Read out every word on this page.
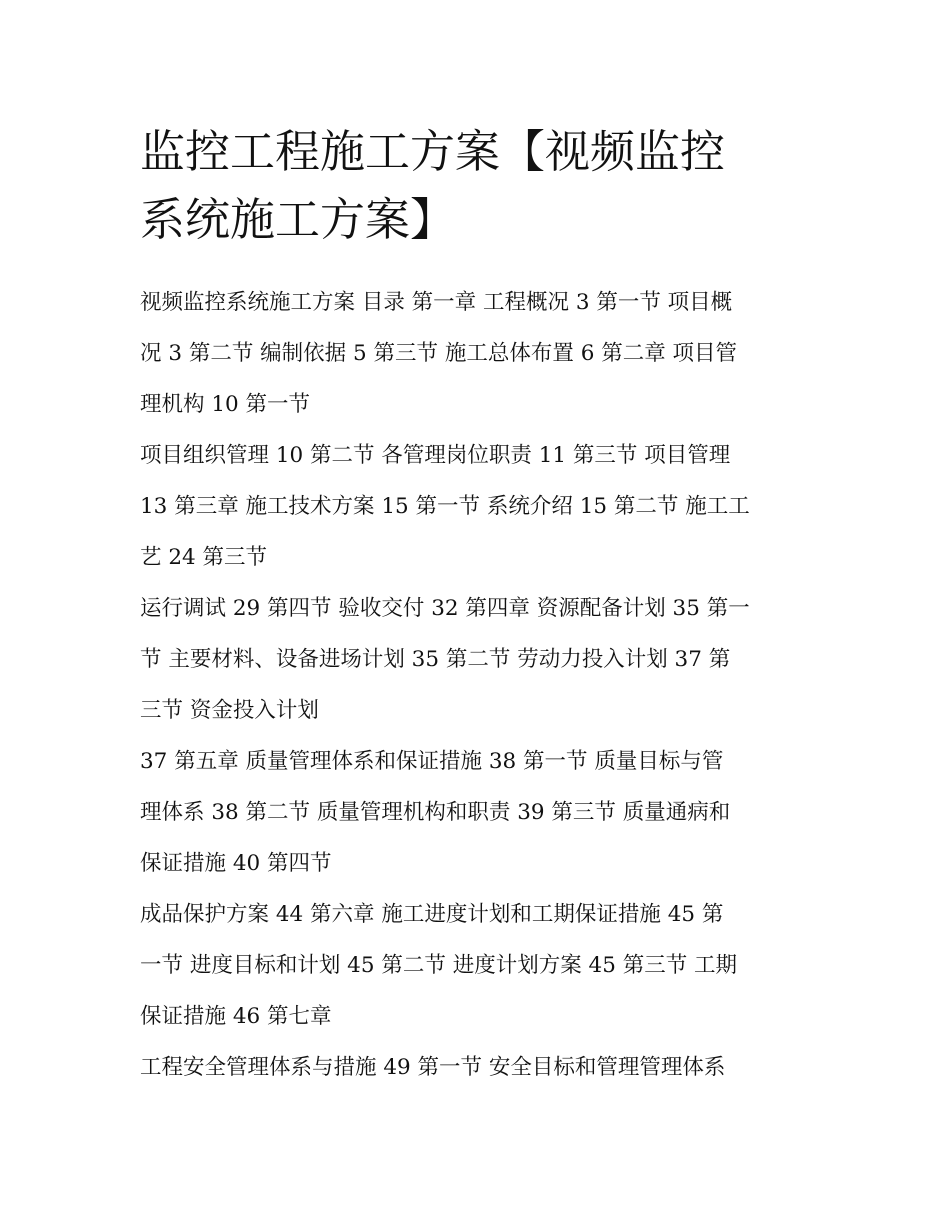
监控工程施工方案【视频监控
系统施工方案】
视频监控系统施工方案 目录 第一章 工程概况 3 第一节 项目概
况 3 第二节 编制依据 5 第三节 施工总体布置 6 第二章 项目管
理机构 10 第一节
项目组织管理 10 第二节 各管理岗位职责 11 第三节 项目管理
13 第三章 施工技术方案 15 第一节 系统介绍 15 第二节 施工工
艺 24 第三节
运行调试 29 第四节 验收交付 32 第四章 资源配备计划 35 第一
节 主要材料、设备进场计划 35 第二节 劳动力投入计划 37 第
三节 资金投入计划
37 第五章 质量管理体系和保证措施 38 第一节 质量目标与管
理体系 38 第二节 质量管理机构和职责 39 第三节 质量通病和
保证措施 40 第四节
成品保护方案 44 第六章 施工进度计划和工期保证措施 45 第
一节 进度目标和计划 45 第二节 进度计划方案 45 第三节 工期
保证措施 46 第七章
工程安全管理体系与措施 49 第一节 安全目标和管理管理体系
